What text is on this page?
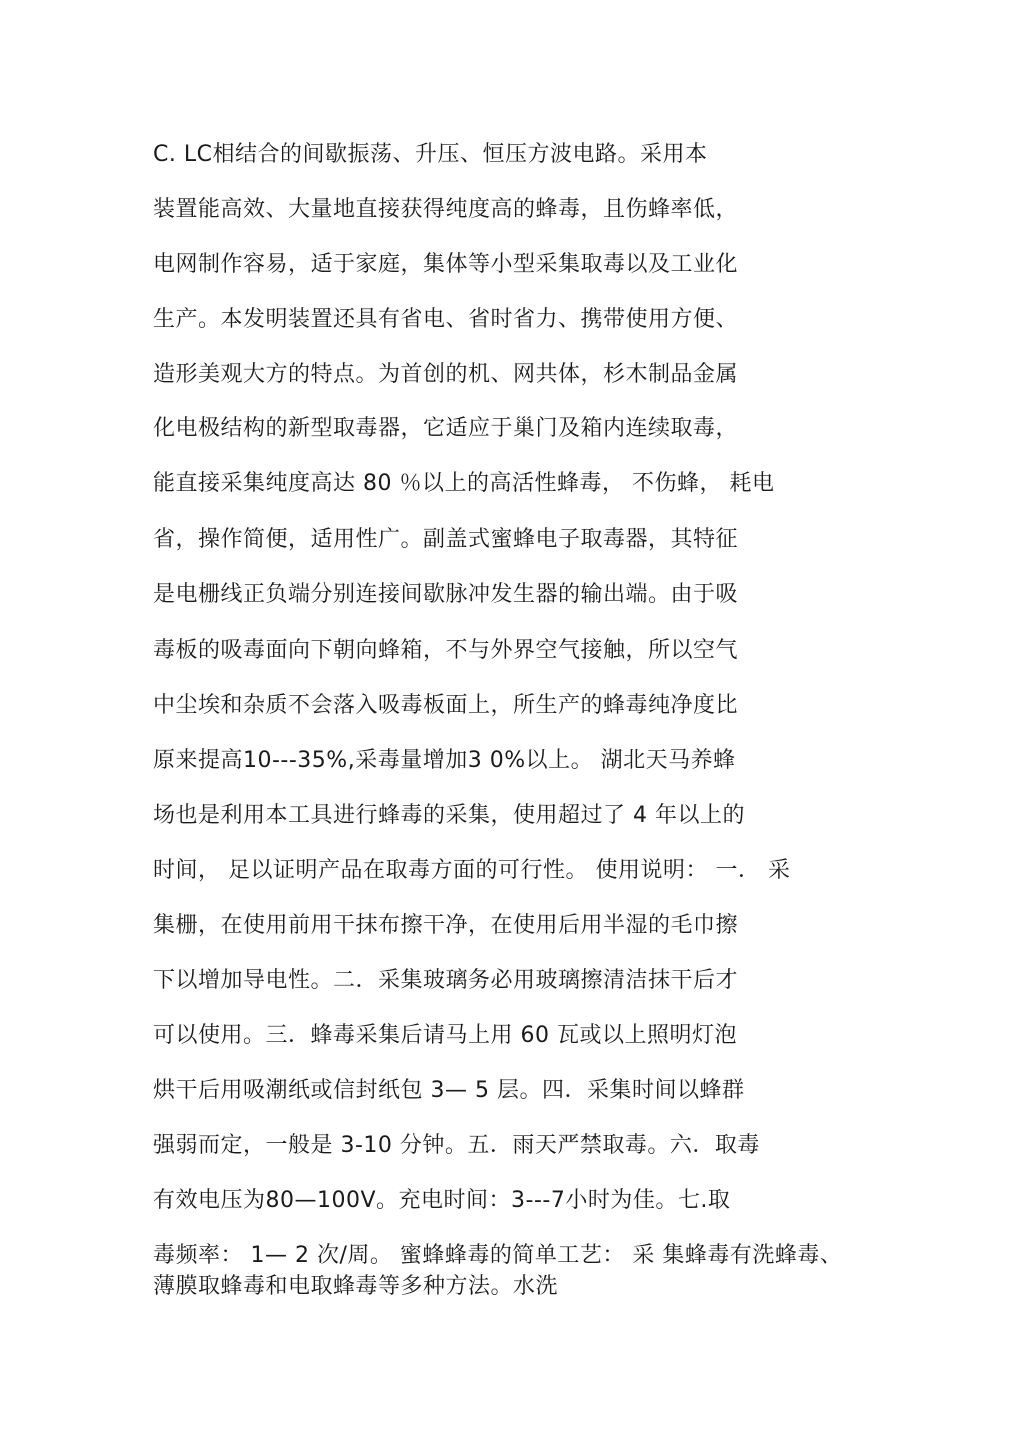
C. LC相结合的间歇振荡、升压、恒压方波电路。采用本
装置能高效、大量地直接获得纯度高的蜂毒，且伤蜂率低，
电网制作容易，适于家庭，集体等小型采集取毒以及工业化
生产。本发明装置还具有省电、省时省力、携带使用方便、
造形美观大方的特点。为首创的机、网共体，杉木制品金属
化电极结构的新型取毒器，它适应于巢门及箱内连续取毒，
能直接采集纯度高达 80 ％以上的高活性蜂毒， 不伤蜂， 耗电
省，操作简便，适用性广。副盖式蜜蜂电子取毒器，其特征
是电栅线正负端分别连接间歇脉冲发生器的输出端。由于吸
毒板的吸毒面向下朝向蜂箱，不与外界空气接触，所以空气
中尘埃和杂质不会落入吸毒板面上，所生产的蜂毒纯净度比
原来提高10---35%,采毒量增加3 0%以上。 湖北天马养蜂
场也是利用本工具进行蜂毒的采集，使用超过了 4 年以上的
时间， 足以证明产品在取毒方面的可行性。 使用说明： 一． 采
集栅，在使用前用干抹布擦干净，在使用后用半湿的毛巾擦
下以增加导电性。二．采集玻璃务必用玻璃擦清洁抹干后才
可以使用。三．蜂毒采集后请马上用 60 瓦或以上照明灯泡
烘干后用吸潮纸或信封纸包 3— 5 层。四．采集时间以蜂群
强弱而定，一般是 3-10 分钟。五．雨天严禁取毒。六．取毒
有效电压为80—100V。充电时间：3---7小时为佳。七.取
毒频率： 1— 2 次/周。 蜜蜂蜂毒的简单工艺： 采 集蜂毒有洗蜂毒、
薄膜取蜂毒和电取蜂毒等多种方法。水洗
